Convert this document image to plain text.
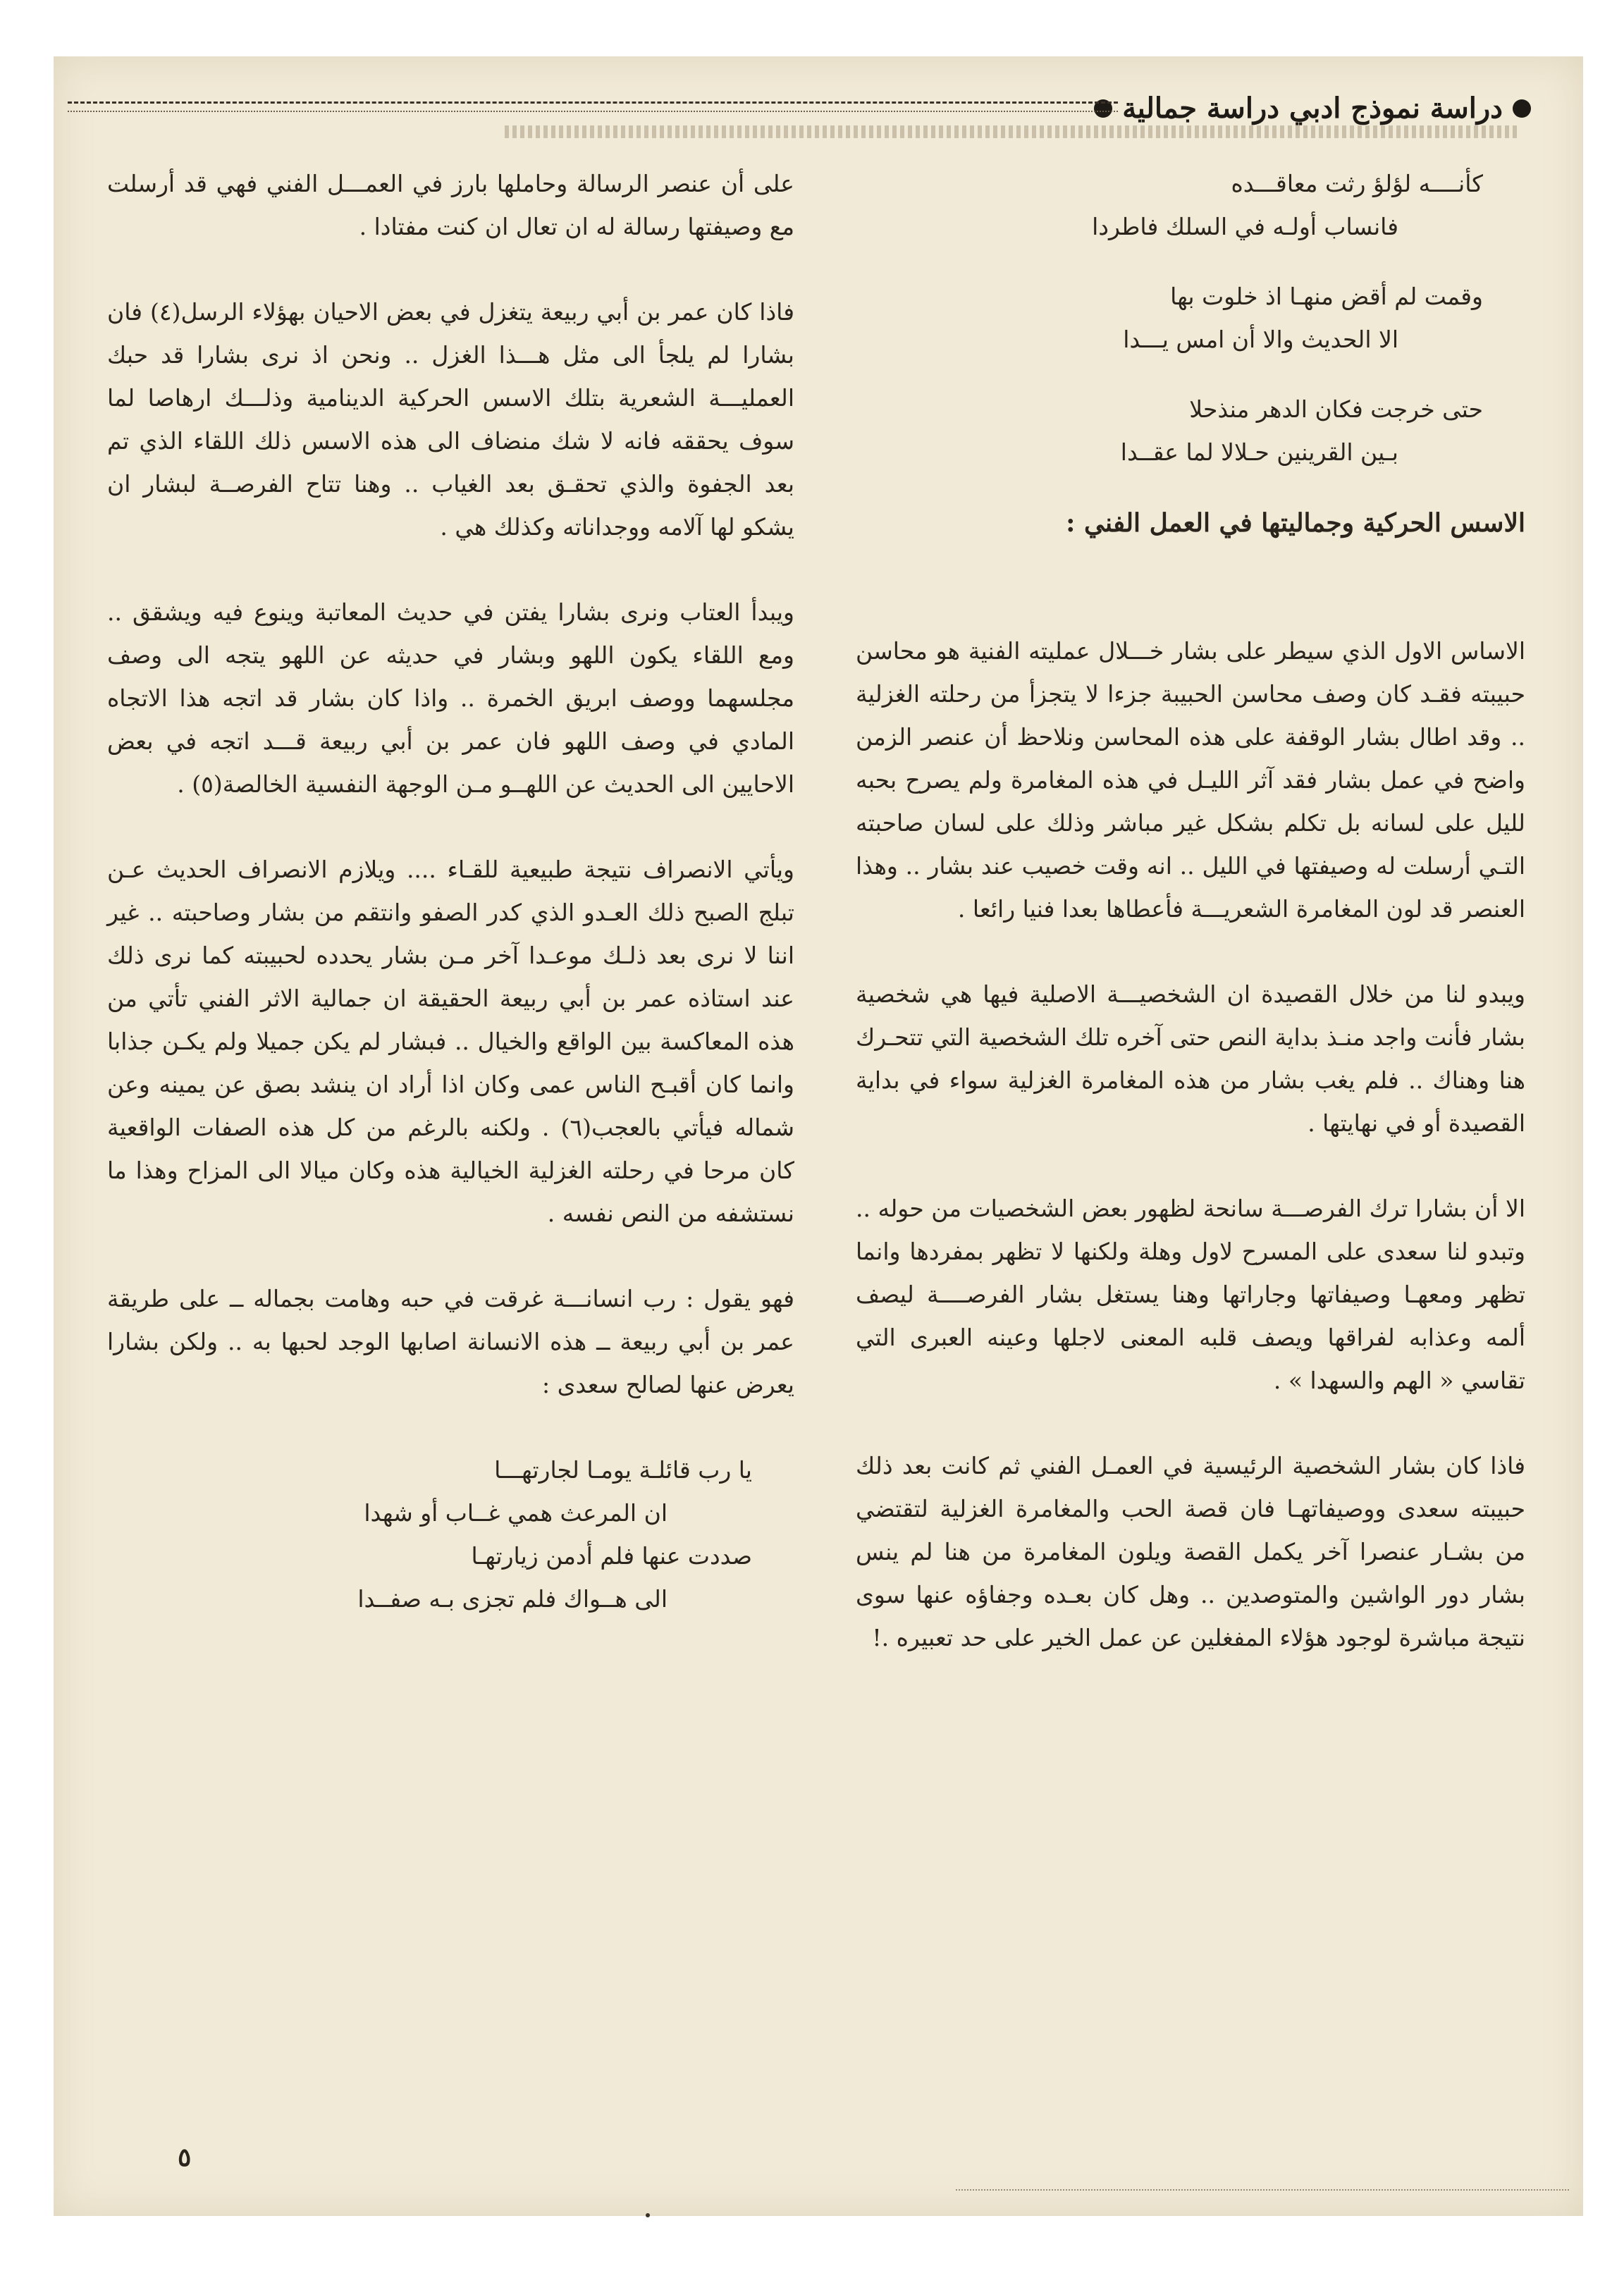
دراسة نموذج ادبي دراسة جمالية
كأنــــه لؤلؤ رثت معاقـــده
فانساب أولـه في السلك فاطردا
وقمت لم أقض منهـا اذ خلوت بها
الا الحديث والا أن امس يـــدا
حتى خرجت فكان الدهر منذحلا
بـين القرينين حـلالا لما عقــدا
الاسس الحركية وجماليتها في العمل الفني :

الاساس الاول الذي سيطر على بشار خـــلال عمليته الفنية هو محاسن حبيبته فقـد كان وصف محاسن الحبيبة جزءا لا يتجزأ من رحلته الغزلية .. وقد اطال بشار الوقفة على هذه المحاسن ونلاحظ أن عنصر الزمن واضح في عمل بشار فقد آثر الليـل في هذه المغامرة ولم يصرح بحبه لليل على لسانه بل تكلم بشكل غير مباشر وذلك على لسان صاحبته التـي أرسلت له وصيفتها في الليل .. انه وقت خصيب عند بشار .. وهذا العنصر قد لون المغامرة الشعريـــة فأعطاها بعدا فنيا رائعا .

ويبدو لنا من خلال القصيدة ان الشخصيـــة الاصلية فيها هي شخصية بشار فأنت واجد منـذ بداية النص حتى آخره تلك الشخصية التي تتحـرك هنا وهناك .. فلم يغب بشار من هذه المغامرة الغزلية سواء في بداية القصيدة أو في نهايتها .

الا أن بشارا ترك الفرصـــة سانحة لظهور بعض الشخصيات من حوله .. وتبدو لنا سعدى على المسرح لاول وهلة ولكنها لا تظهر بمفردها وانما تظهر ومعهـا وصيفاتها وجاراتها وهنا يستغل بشار الفرصــــة ليصف ألمه وعذابه لفراقها ويصف قلبه المعنى لاجلها وعينه العبرى التي تقاسي « الهم والسهدا » .

فاذا كان بشار الشخصية الرئيسية في العمـل الفني ثم كانت بعد ذلك حبيبته سعدى ووصيفاتهـا فان قصة الحب والمغامرة الغزلية لتقتضي من بشـار عنصرا آخر يكمل القصة ويلون المغامرة من هنا لم ينس بشار دور الواشين والمتوصدين .. وهل كان بعـده وجفاؤه عنها سوى نتيجة مباشرة لوجود هؤلاء المفغلين عن عمل الخير على حد تعبيره .!

على أن عنصر الرسالة وحاملها بارز في العمـــل الفني فهي قد أرسلت مع وصيفتها رسالة له ان تعال ان كنت مفتادا .

فاذا كان عمر بن أبي ربيعة يتغزل في بعض الاحيان بهؤلاء الرسل(٤) فان بشارا لم يلجأ الى مثل هـــذا الغزل .. ونحن اذ نرى بشارا قد حبك العمليـــة الشعرية بتلك الاسس الحركية الدينامية وذلـــك ارهاصا لما سوف يحققه فانه لا شك منضاف الى هذه الاسس ذلك اللقاء الذي تم بعد الجفوة والذي تحقـق بعد الغياب .. وهنا تتاح الفرصــة لبشار ان يشكو لها آلامه ووجداناته وكذلك هي .

ويبدأ العتاب ونرى بشارا يفتن في حديث المعاتبة وينوع فيه ويشقق .. ومع اللقاء يكون اللهو وبشار في حديثه عن اللهو يتجه الى وصف مجلسهما ووصف ابريق الخمرة .. واذا كان بشار قد اتجه هذا الاتجاه المادي في وصف اللهو فان عمر بن أبي ربيعة قـــد اتجه في بعض الاحايين الى الحديث عن اللهــو مـن الوجهة النفسية الخالصة(٥) .

ويأتي الانصراف نتيجة طبيعية للقـاء .... ويلازم الانصراف الحديث عـن تبلج الصبح ذلك العـدو الذي كدر الصفو وانتقم من بشار وصاحبته .. غير اننا لا نرى بعد ذلـك موعـدا آخر مـن بشار يحدده لحبيبته كما نرى ذلك عند استاذه عمر بن أبي ربيعة الحقيقة ان جمالية الاثر الفني تأتي من هذه المعاكسة بين الواقع والخيال .. فبشار لم يكن جميلا ولم يكـن جذابا وانما كان أقبـح الناس عمى وكان اذا أراد ان ينشد بصق عن يمينه وعن شماله فيأتي بالعجب(٦) . ولكنه بالرغم من كل هذه الصفات الواقعية كان مرحا في رحلته الغزلية الخيالية هذه وكان ميالا الى المزاح وهذا ما نستشفه من النص نفسه .

فهو يقول : رب انسانـــة غرقت في حبه وهامت بجماله ــ على طريقة عمر بن أبي ربيعة ــ هذه الانسانة اصابها الوجد لحبها به .. ولكن بشارا يعرض عنها لصالح سعدى :

يا رب قائلـة يومـا لجارتهـــا
ان المرعث همي غــاب أو شهدا
صددت عنها فلم أدمن زيارتهـا
الى هــواك فلم تجزى بـه صفــدا
٥
